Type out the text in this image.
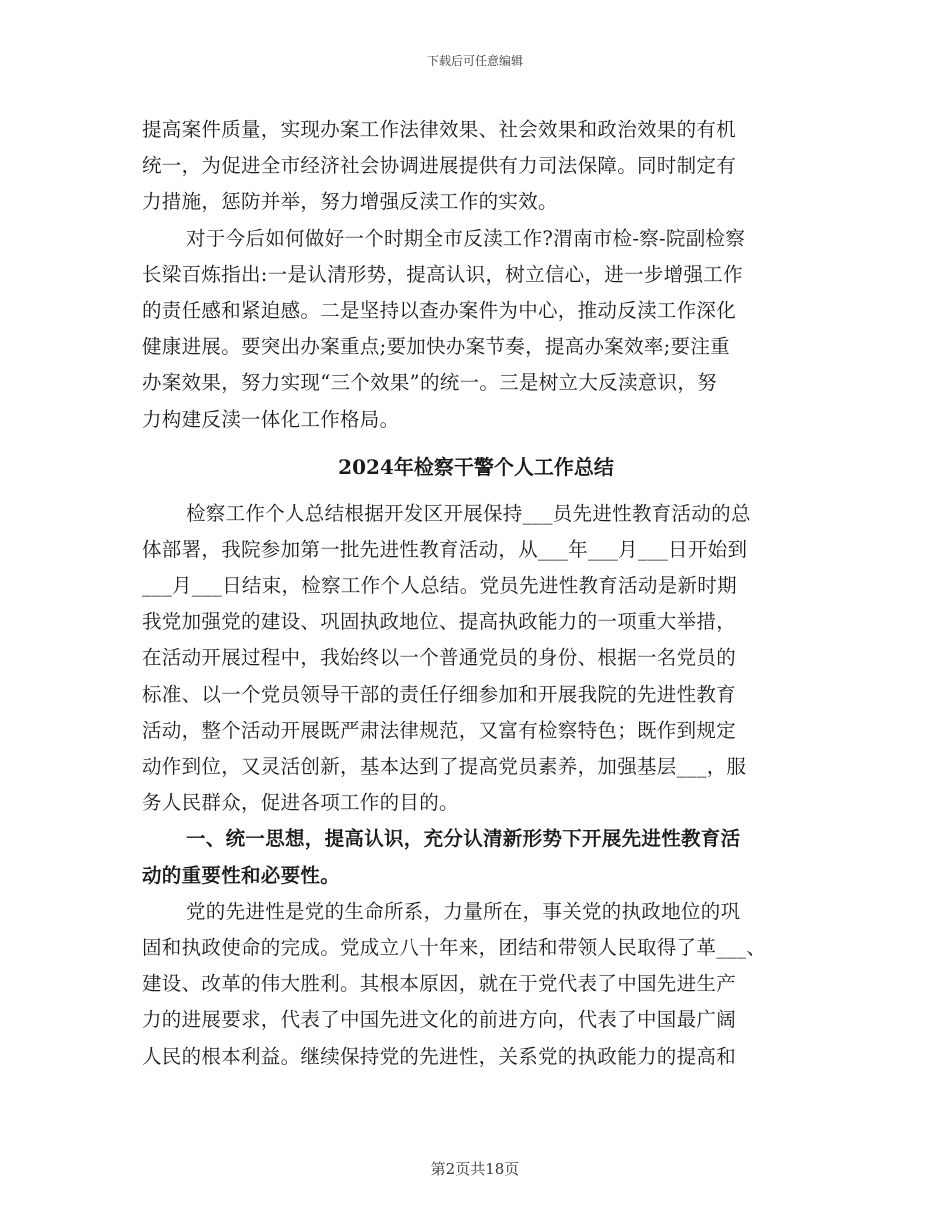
下载后可任意编辑
提高案件质量，实现办案工作法律效果、社会效果和政治效果的有机
统一，为促进全市经济社会协调进展提供有力司法保障。同时制定有
力措施，惩防并举，努力增强反渎工作的实效。
对于今后如何做好一个时期全市反渎工作?渭南市检-察-院副检察
长梁百炼指出:一是认清形势，提高认识，树立信心，进一步增强工作
的责任感和紧迫感。二是坚持以查办案件为中心，推动反渎工作深化
健康进展。要突出办案重点;要加快办案节奏，提高办案效率;要注重
办案效果，努力实现“三个效果”的统一。三是树立大反渎意识，努
力构建反渎一体化工作格局。
2024年检察干警个人工作总结
检察工作个人总结根据开发区开展保持___员先进性教育活动的总
体部署，我院参加第一批先进性教育活动，从___年___月___日开始到
___月___日结束，检察工作个人总结。党员先进性教育活动是新时期
我党加强党的建设、巩固执政地位、提高执政能力的一项重大举措，
在活动开展过程中，我始终以一个普通党员的身份、根据一名党员的
标准、以一个党员领导干部的责任仔细参加和开展我院的先进性教育
活动，整个活动开展既严肃法律规范，又富有检察特色；既作到规定
动作到位，又灵活创新，基本达到了提高党员素养，加强基层___，服
务人民群众，促进各项工作的目的。
一、统一思想，提高认识，充分认清新形势下开展先进性教育活
动的重要性和必要性。
党的先进性是党的生命所系，力量所在，事关党的执政地位的巩
固和执政使命的完成。党成立八十年来，团结和带领人民取得了革___、
建设、改革的伟大胜利。其根本原因，就在于党代表了中国先进生产
力的进展要求，代表了中国先进文化的前进方向，代表了中国最广阔
人民的根本利益。继续保持党的先进性，关系党的执政能力的提高和
第2页共18页
